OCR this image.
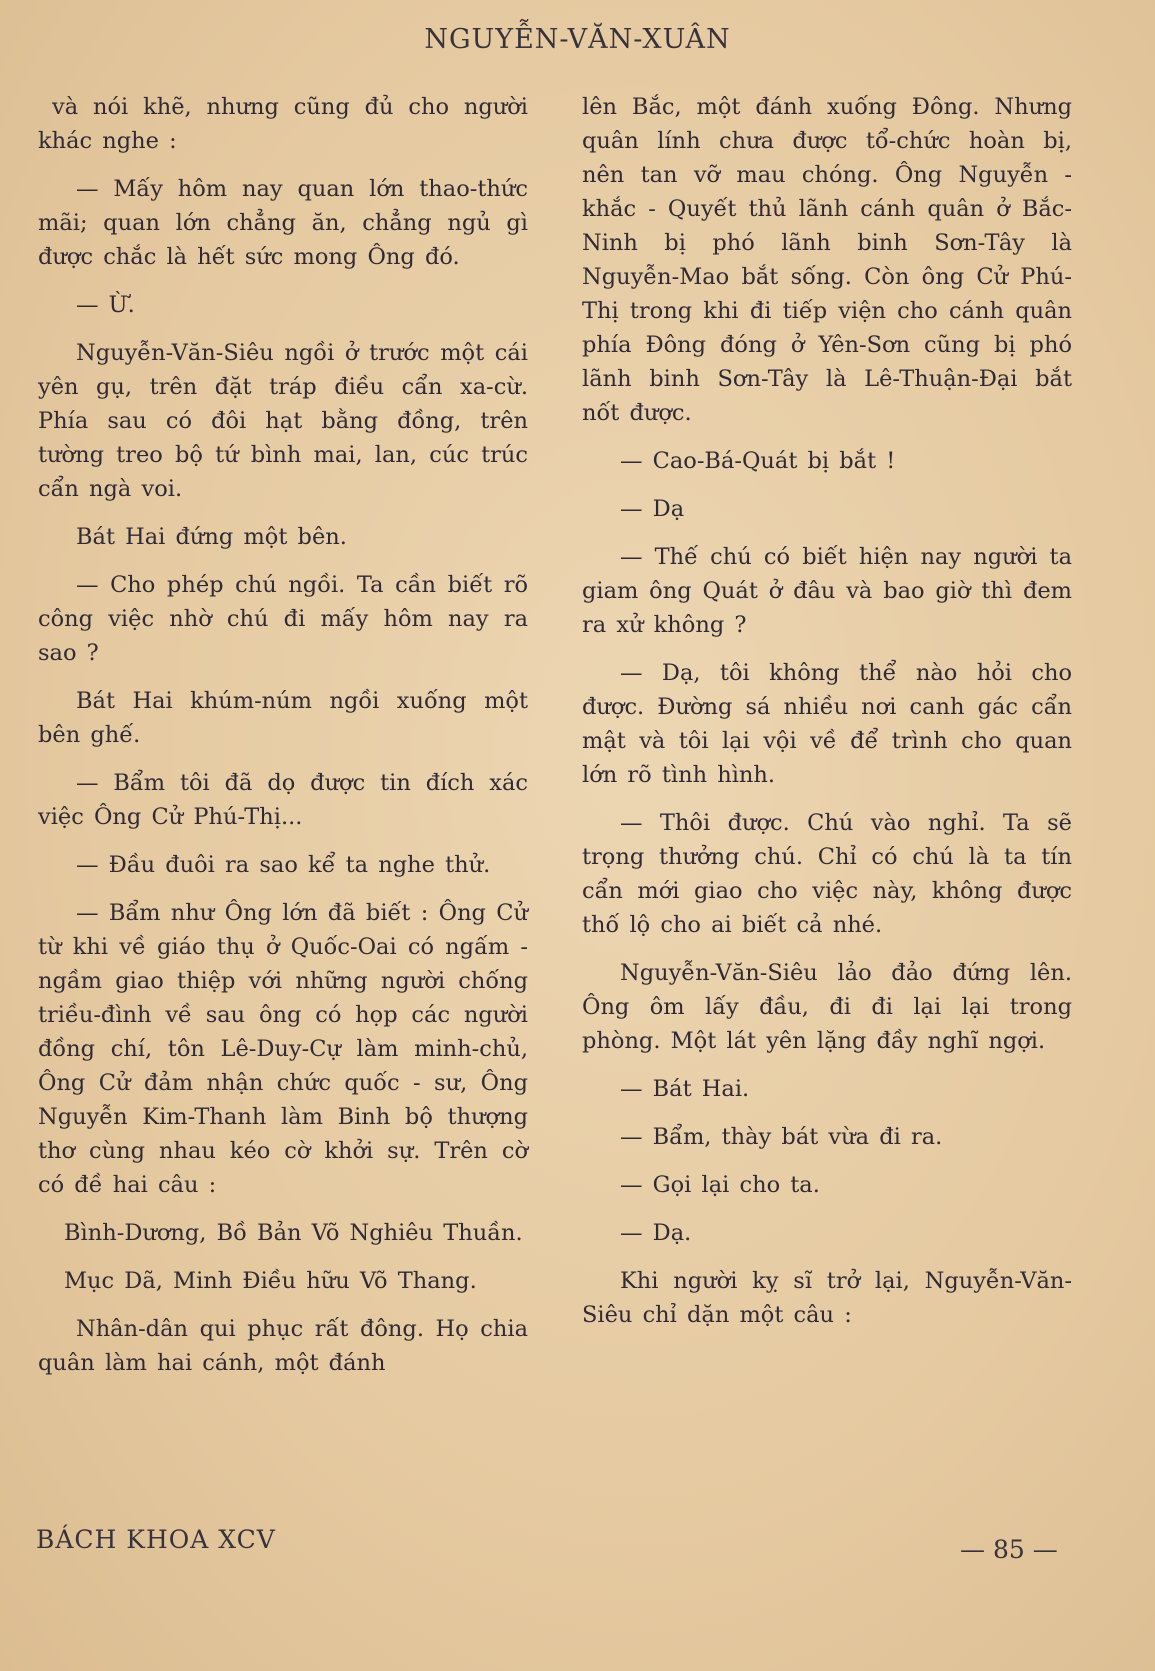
NGUYỄN-VĂN-XUÂN

và nói khẽ, nhưng cũng đủ cho người khác nghe :

— Mấy hôm nay quan lớn thao-thức mãi; quan lớn chẳng ăn, chẳng ngủ gì được chắc là hết sức mong Ông đó.

— Ừ.

Nguyễn-Văn-Siêu ngồi ở trước một cái yên gụ, trên đặt tráp điều cẩn xa-cừ. Phía sau có đôi hạt bằng đồng, trên tường treo bộ tứ bình mai, lan, cúc trúc cẩn ngà voi.

Bát Hai đứng một bên.

— Cho phép chú ngồi. Ta cần biết rõ công việc nhờ chú đi mấy hôm nay ra sao ?

Bát Hai khúm-núm ngồi xuống một bên ghế.

— Bẩm tôi đã dọ được tin đích xác việc Ông Cử Phú-Thị...

— Đầu đuôi ra sao kể ta nghe thử.

— Bẩm như Ông lớn đã biết : Ông Cử từ khi về giáo thụ ở Quốc-Oai có ngấm - ngầm giao thiệp với những người chống triều-đình về sau ông có họp các người đồng chí, tôn Lê-Duy-Cự làm minh-chủ, Ông Cử đảm nhận chức quốc - sư, Ông Nguyễn Kim-Thanh làm Binh bộ thượng thơ cùng nhau kéo cờ khởi sự. Trên cờ có đề hai câu :

Bình-Dương, Bồ Bản Võ Nghiêu Thuần.

Mục Dã, Minh Điều hữu Võ Thang.

Nhân-dân qui phục rất đông. Họ chia quân làm hai cánh, một đánh

lên Bắc, một đánh xuống Đông. Nhưng quân lính chưa được tổ-chức hoàn bị, nên tan vỡ mau chóng. Ông Nguyễn - khắc - Quyết thủ lãnh cánh quân ở Bắc-Ninh bị phó lãnh binh Sơn-Tây là Nguyễn-Mao bắt sống. Còn ông Cử Phú-Thị trong khi đi tiếp viện cho cánh quân phía Đông đóng ở Yên-Sơn cũng bị phó lãnh binh Sơn-Tây là Lê-Thuận-Đại bắt nốt được.

— Cao-Bá-Quát bị bắt !

— Dạ

— Thế chú có biết hiện nay người ta giam ông Quát ở đâu và bao giờ thì đem ra xử không ?

— Dạ, tôi không thể nào hỏi cho được. Đường sá nhiều nơi canh gác cẩn mật và tôi lại vội về để trình cho quan lớn rõ tình hình.

— Thôi được. Chú vào nghỉ. Ta sẽ trọng thưởng chú. Chỉ có chú là ta tín cẩn mới giao cho việc này, không được thố lộ cho ai biết cả nhé.

Nguyễn-Văn-Siêu lảo đảo đứng lên. Ông ôm lấy đầu, đi đi lại lại trong phòng. Một lát yên lặng đầy nghĩ ngợi.

— Bát Hai.

— Bẩm, thày bát vừa đi ra.

— Gọi lại cho ta.

— Dạ.

Khi người kỵ sĩ trở lại, Nguyễn-Văn-Siêu chỉ dặn một câu :

BÁCH KHOA XCV	— 85 —
